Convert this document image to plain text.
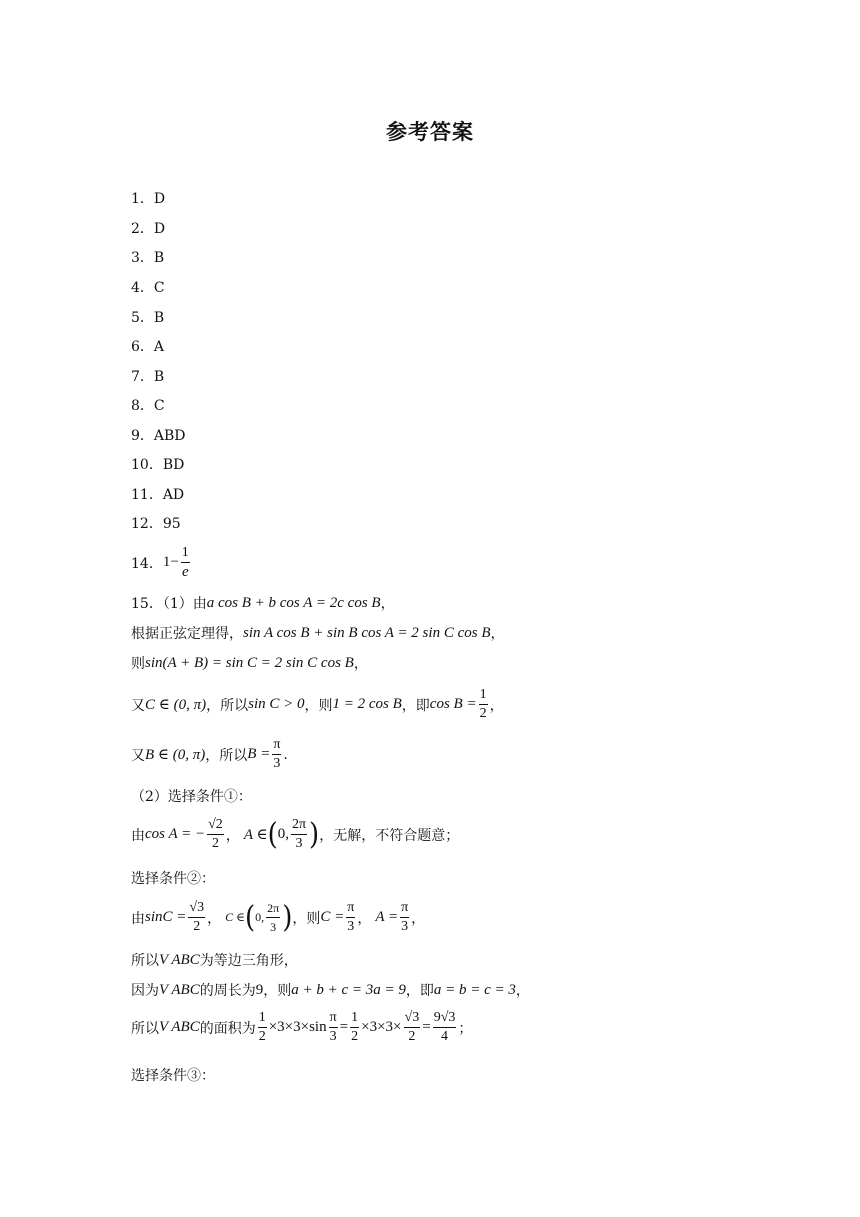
参考答案
1．D
2．D
3．B
4．C
5．B
6．A
7．B
8．C
9．ABD
10．BD
11．AD
12．95
14． $1- \frac{1}{e}$
15．（1）由 a cos B + b cos A = 2c cos B ，
根据正弦定理得， sin A cos B + sin B cos A = 2 sin C cos B ，
则 sin(A + B) = sin C = 2 sin C cos B ，
又 C ∈ (0, π) ，所以 sin C > 0 ，则 1 = 2 cos B ，即 $\cos B = \frac{1}{2}$ ，
又 B ∈ (0, π) ，所以 $B = \frac{\pi}{3}$ .
（2）选择条件①：
由 cos A = − $\frac{√2}{2}$ ， A ∈ ( 0, $\frac{2\pi}{3}$ ) ，无解，不符合题意；
选择条件②：
由 $\sin C = \frac{√3}{2}$ ， C ∈ ( 0, $\frac{2\pi}{3}$ ) ，则 $C = \frac{\pi}{3}$ ， $A = \frac{\pi}{3}$ ，
所以 V ABC 为等边三角形，
因为 V ABC 的周长为 9 ，则 a + b + c = 3a = 9 ，即 a = b = c = 3 ，
所以 V ABC 的面积为 $\frac{1}{2} \times 3\times 3\times\sin \frac{\pi}{3} = \frac{1}{2} \times 3\times 3\times \frac{√3}{2} = \frac{9√3}{4}$ ；
选择条件③：
